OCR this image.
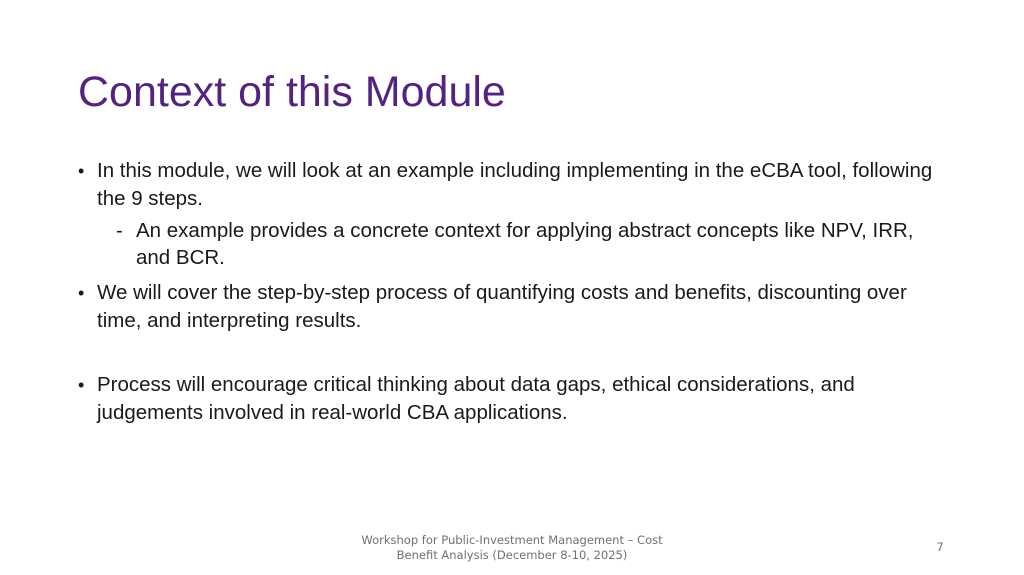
Context of this Module
• In this module, we will look at an example including implementing in the eCBA tool, following the 9 steps.
- An example provides a concrete context for applying abstract concepts like NPV, IRR, and BCR.
• We will cover the step-by-step process of quantifying costs and benefits, discounting over time, and interpreting results.
• Process will encourage critical thinking about data gaps, ethical considerations, and judgements involved in real-world CBA applications.
Workshop for Public-Investment Management – Cost
Benefit Analysis (December 8-10, 2025)
7
